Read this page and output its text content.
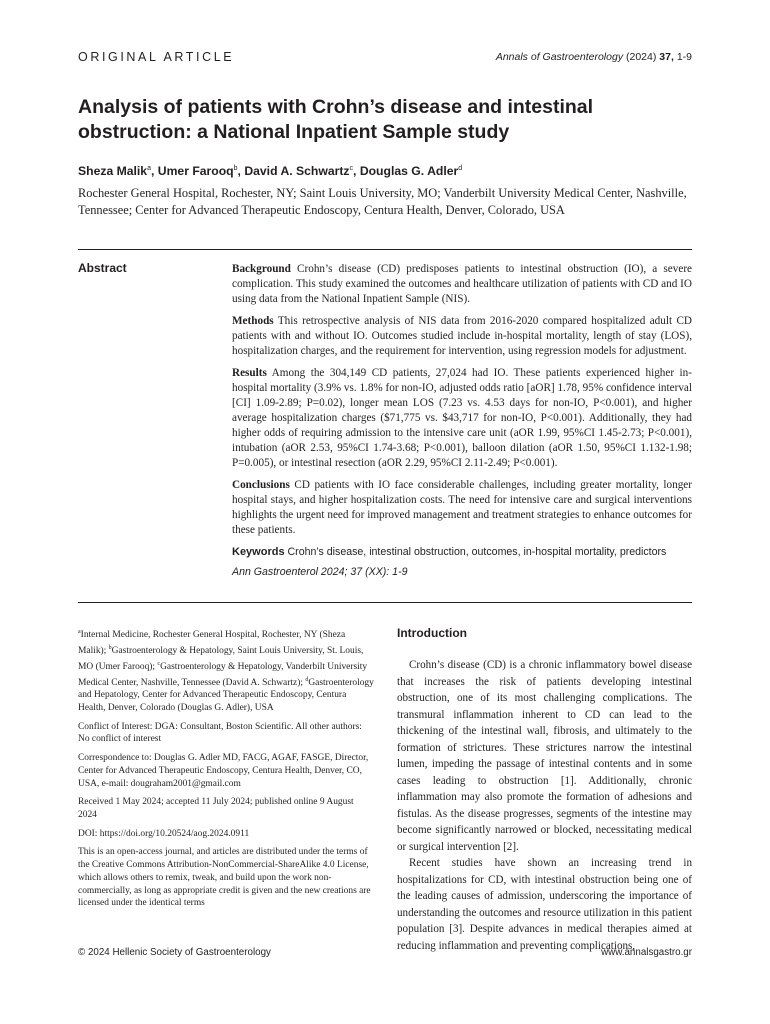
ORIGINAL ARTICLE	Annals of Gastroenterology (2024) 37, 1-9
Analysis of patients with Crohn’s disease and intestinal obstruction: a National Inpatient Sample study
Sheza Malik$^a$, Umer Farooq$^b$, David A. Schwartz$^c$, Douglas G. Adler$^d$

Rochester General Hospital, Rochester, NY; Saint Louis University, MO; Vanderbilt University Medical Center, Nashville, Tennessee; Center for Advanced Therapeutic Endoscopy, Centura Health, Denver, Colorado, USA

Abstract	Background Crohn’s disease (CD) predisposes patients to intestinal obstruction (IO), a severe complication. This study examined the outcomes and healthcare utilization of patients with CD and IO using data from the National Inpatient Sample (NIS).

Methods This retrospective analysis of NIS data from 2016-2020 compared hospitalized adult CD patients with and without IO. Outcomes studied include in-hospital mortality, length of stay (LOS), hospitalization charges, and the requirement for intervention, using regression models for adjustment.

Results Among the 304,149 CD patients, 27,024 had IO. These patients experienced higher in-hospital mortality (3.9% vs. 1.8% for non-IO, adjusted odds ratio [aOR] 1.78, 95% confidence interval [CI] 1.09-2.89; P=0.02), longer mean LOS (7.23 vs. 4.53 days for non-IO, P<0.001), and higher average hospitalization charges ($71,775 vs. $43,717 for non-IO, P<0.001). Additionally, they had higher odds of requiring admission to the intensive care unit (aOR 1.99, 95%CI 1.45-2.73; P<0.001), intubation (aOR 2.53, 95%CI 1.74-3.68; P<0.001), balloon dilation (aOR 1.50, 95%CI 1.132-1.98; P=0.005), or intestinal resection (aOR 2.29, 95%CI 2.11-2.49; P<0.001).

Conclusions CD patients with IO face considerable challenges, including greater mortality, longer hospital stays, and higher hospitalization costs. The need for intensive care and surgical interventions highlights the urgent need for improved management and treatment strategies to enhance outcomes for these patients.

Keywords Crohn’s disease, intestinal obstruction, outcomes, in-hospital mortality, predictors

Ann Gastroenterol 2024; 37 (XX): 1-9

$^a$Internal Medicine, Rochester General Hospital, Rochester, NY (Sheza Malik); $^b$Gastroenterology & Hepatology, Saint Louis University, St. Louis, MO (Umer Farooq); $^c$Gastroenterology & Hepatology, Vanderbilt University Medical Center, Nashville, Tennessee (David A. Schwartz); $^d$Gastroenterology and Hepatology, Center for Advanced Therapeutic Endoscopy, Centura Health, Denver, Colorado (Douglas G. Adler), USA

Conflict of Interest: DGA: Consultant, Boston Scientific. All other authors: No conflict of interest

Correspondence to: Douglas G. Adler MD, FACG, AGAF, FASGE, Director, Center for Advanced Therapeutic Endoscopy, Centura Health, Denver, CO, USA, e-mail: dougraham2001@gmail.com

Received 1 May 2024; accepted 11 July 2024; published online 9 August 2024

DOI: https://doi.org/10.20524/aog.2024.0911

This is an open-access journal, and articles are distributed under the terms of the Creative Commons Attribution-NonCommercial-ShareAlike 4.0 License, which allows others to remix, tweak, and build upon the work non-commercially, as long as appropriate credit is given and the new creations are licensed under the identical terms

Introduction

Crohn’s disease (CD) is a chronic inflammatory bowel disease that increases the risk of patients developing intestinal obstruction, one of its most challenging complications. The transmural inflammation inherent to CD can lead to the thickening of the intestinal wall, fibrosis, and ultimately to the formation of strictures. These strictures narrow the intestinal lumen, impeding the passage of intestinal contents and in some cases leading to obstruction [1]. Additionally, chronic inflammation may also promote the formation of adhesions and fistulas. As the disease progresses, segments of the intestine may become significantly narrowed or blocked, necessitating medical or surgical intervention [2].

Recent studies have shown an increasing trend in hospitalizations for CD, with intestinal obstruction being one of the leading causes of admission, underscoring the importance of understanding the outcomes and resource utilization in this patient population [3]. Despite advances in medical therapies aimed at reducing inflammation and preventing complications,

© 2024 Hellenic Society of Gastroenterology	www.annalsgastro.gr
